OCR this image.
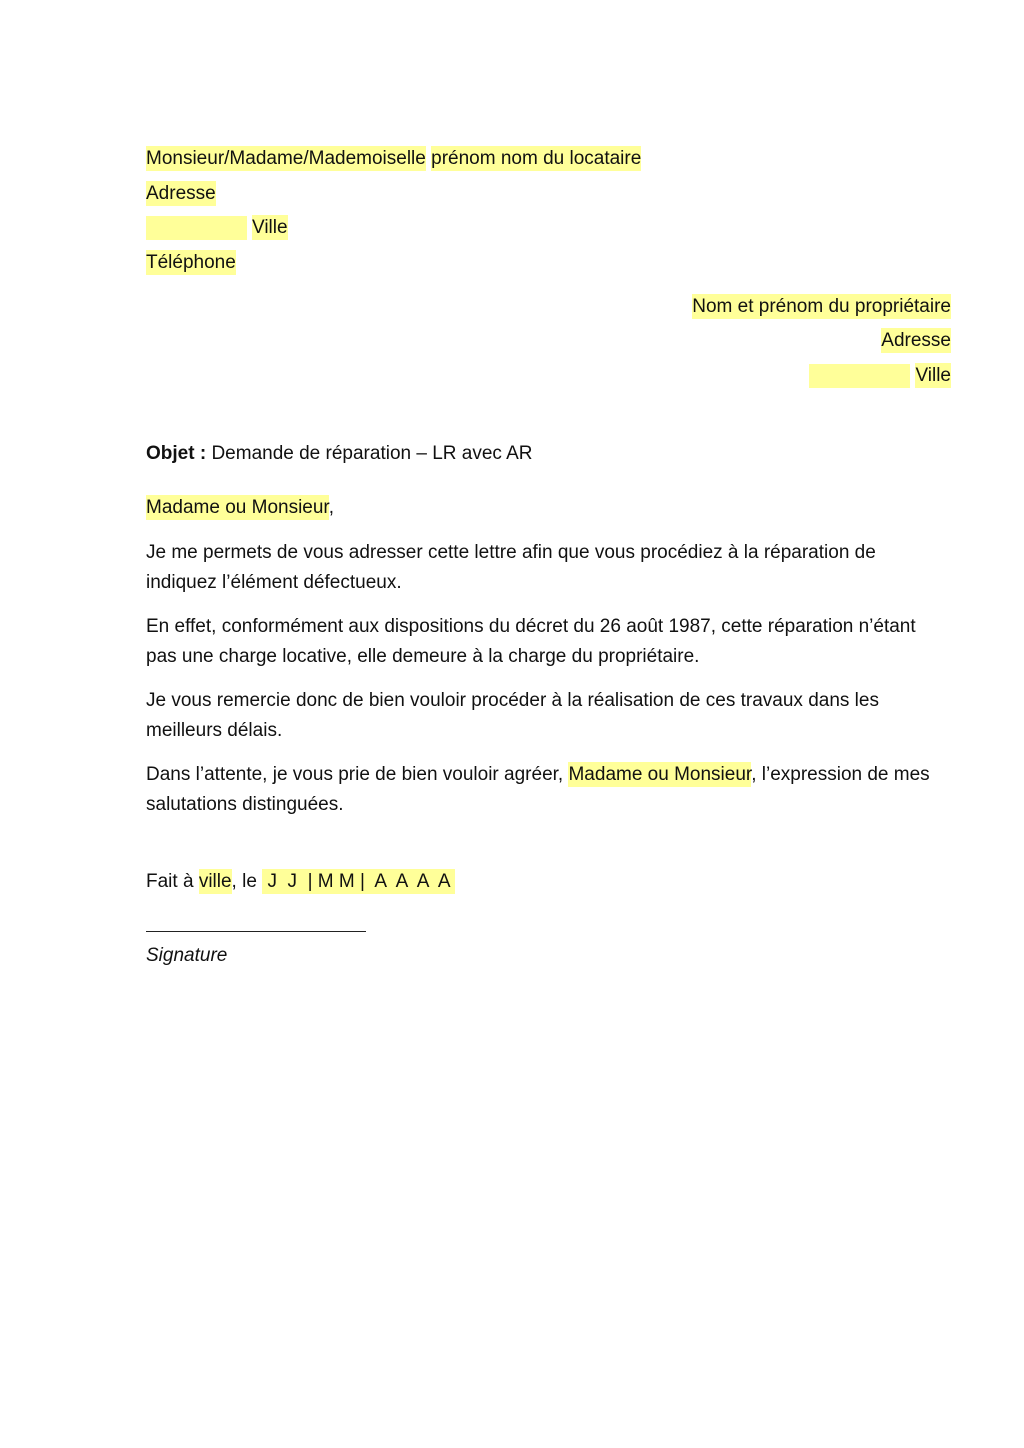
Monsieur/Madame/Mademoiselle prénom nom du locataire
Adresse
Ville
Téléphone
Nom et prénom du propriétaire
Adresse
Ville
Objet : Demande de réparation – LR avec AR
Madame ou Monsieur,
Je me permets de vous adresser cette lettre afin que vous procédiez à la réparation de indiquez l’élément défectueux.
En effet, conformément aux dispositions du décret du 26 août 1987, cette réparation n’étant pas une charge locative, elle demeure à la charge du propriétaire.
Je vous remercie donc de bien vouloir procéder à la réalisation de ces travaux dans les meilleurs délais.
Dans l’attente, je vous prie de bien vouloir agréer, Madame ou Monsieur, l’expression de mes salutations distinguées.
Fait à ville, le  J  J  | M M |  A  A  A  A
Signature
